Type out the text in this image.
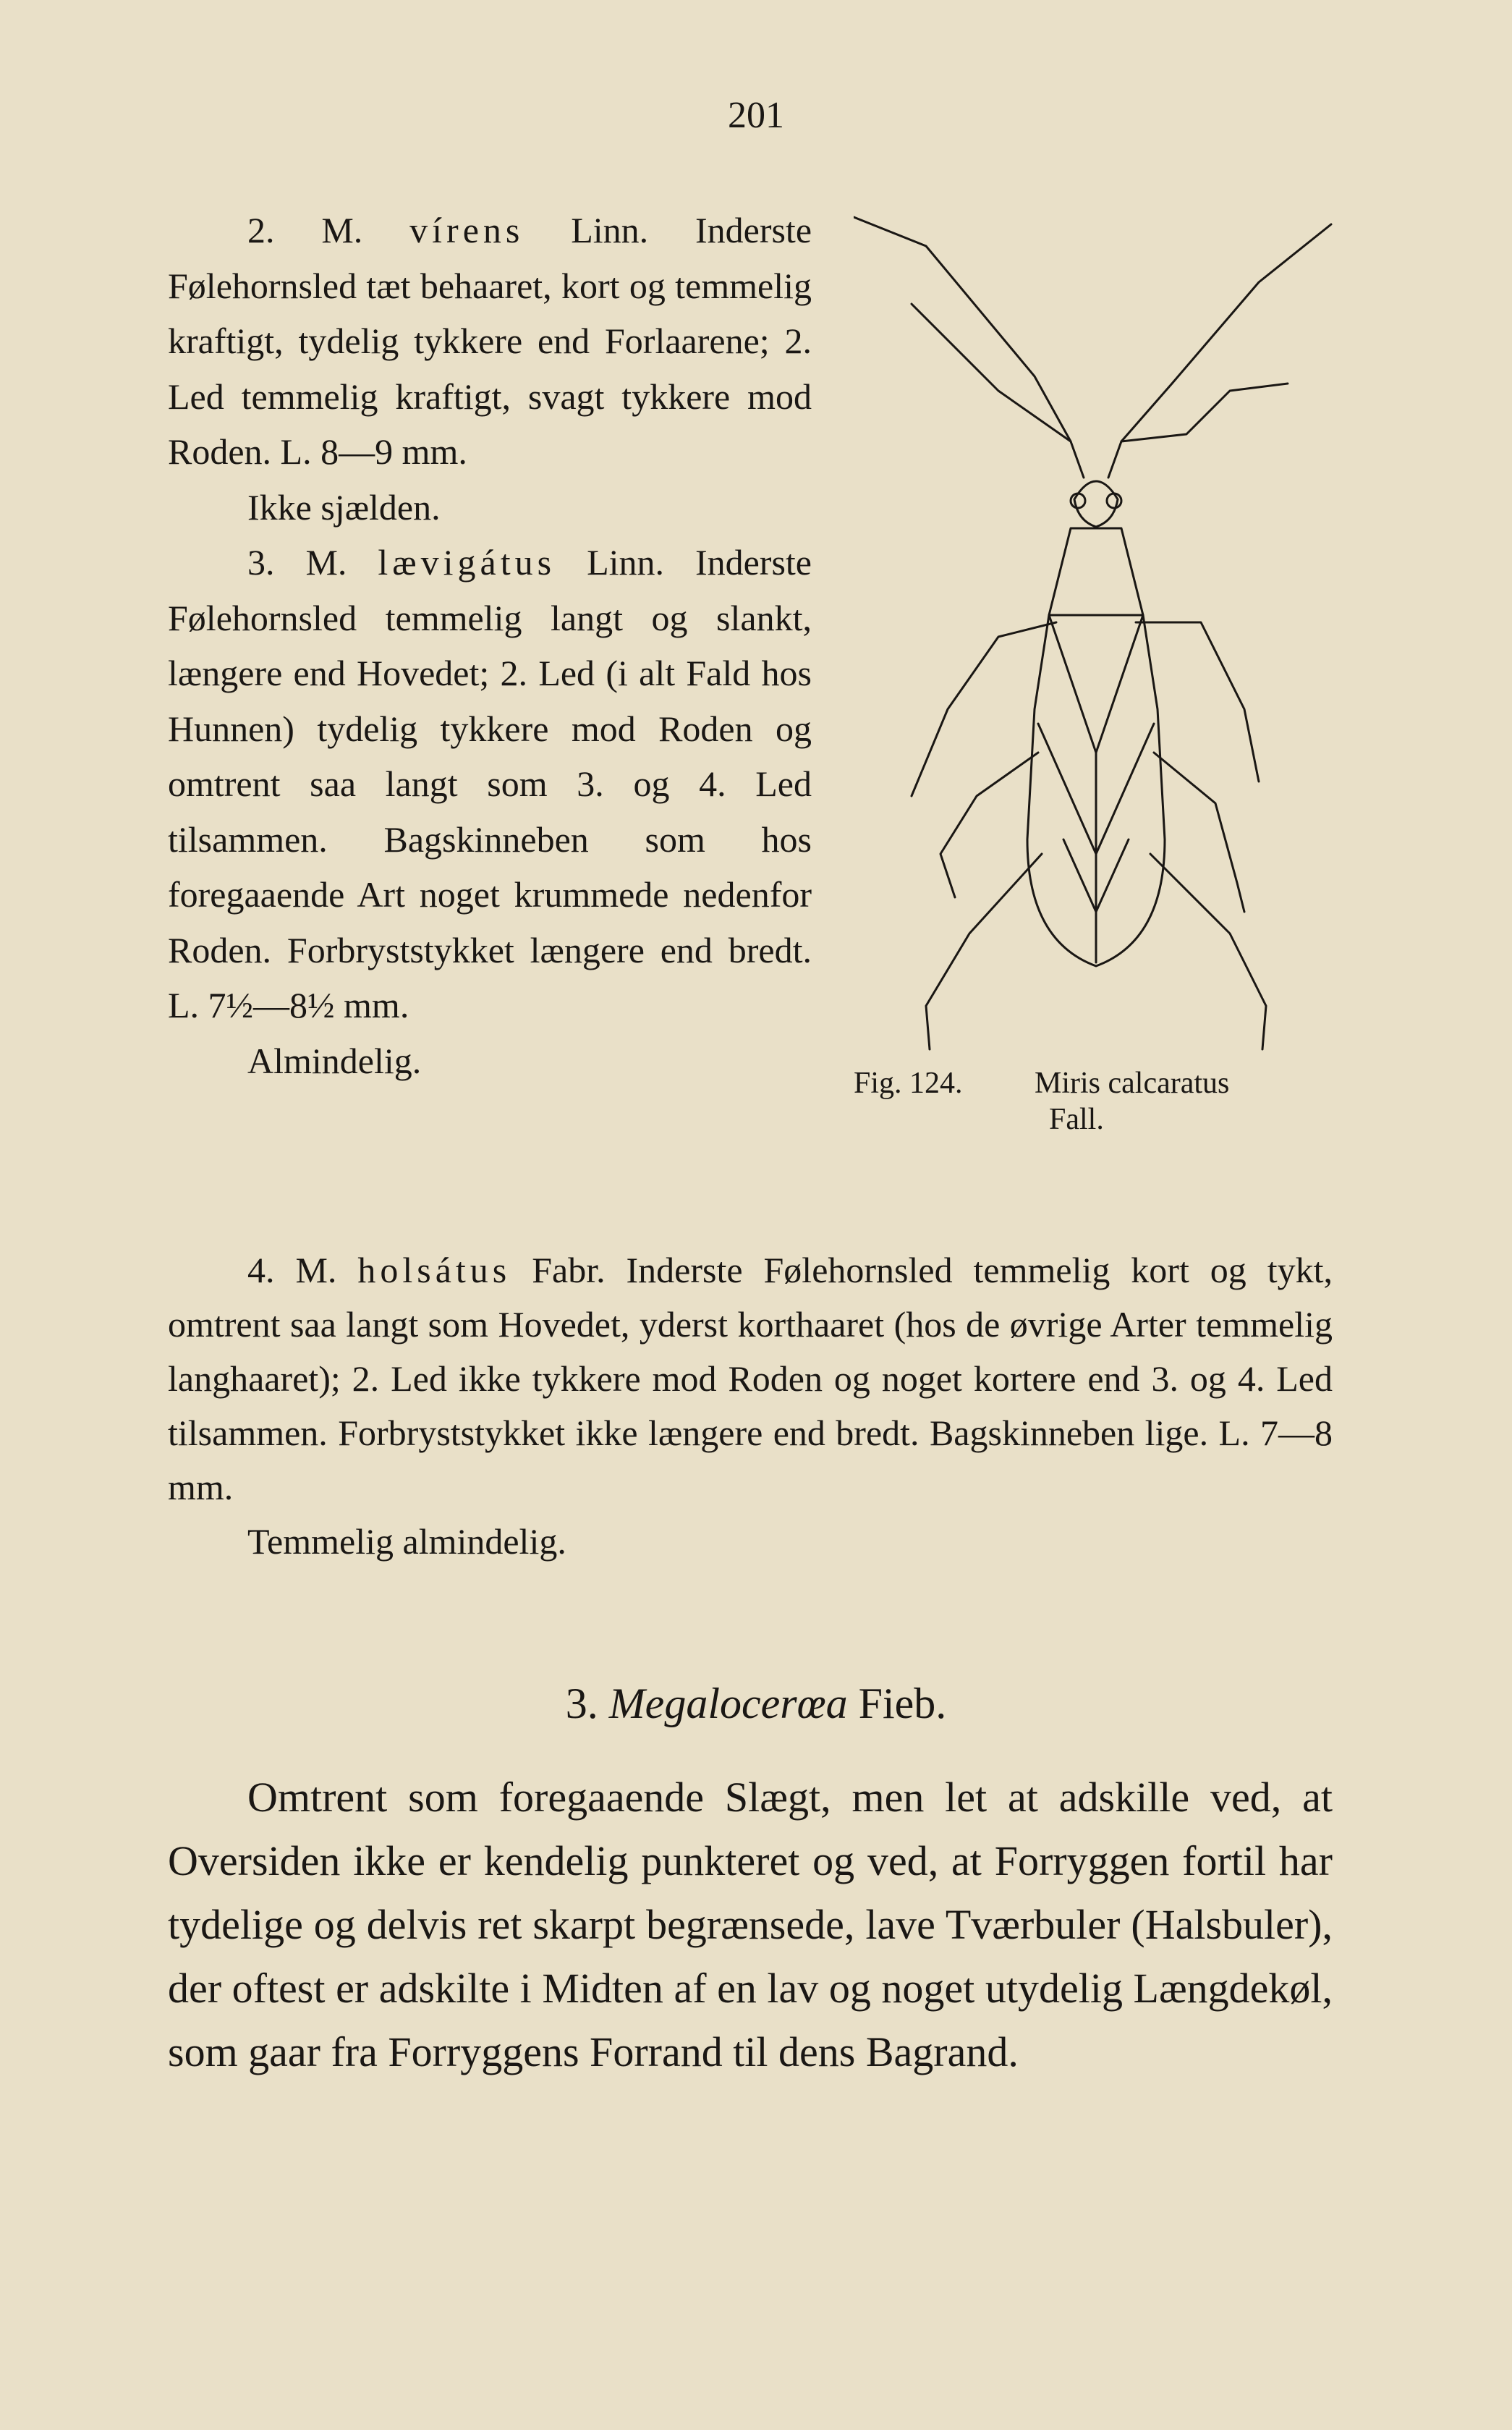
201

2. M. vírens Linn. Inderste Følehornsled tæt behaaret, kort og temmelig kraftigt, tydelig tykkere end Forlaarene; 2. Led temmelig kraftigt, svagt tykkere mod Roden. L. 8—9 mm.

Ikke sjælden.

3. M. lævigátus Linn. Inderste Følehornsled temmelig langt og slankt, længere end Hovedet; 2. Led (i alt Fald hos Hunnen) tydelig tykkere mod Roden og omtrent saa langt som 3. og 4. Led tilsammen. Bagskinneben som hos foregaaende Art noget krummede nedenfor Roden. Forbryststykket længere end bredt. L. 7½—8½ mm.

Almindelig.

Fig. 124. Miris calcaratus
Fall.

4. M. holsátus Fabr. Inderste Følehornsled temmelig kort og tykt, omtrent saa langt som Hovedet, yderst korthaaret (hos de øvrige Arter temmelig langhaaret); 2. Led ikke tykkere mod Roden og noget kortere end 3. og 4. Led tilsammen. Forbryststykket ikke længere end bredt. Bagskinneben lige. L. 7—8 mm.

Temmelig almindelig.

3. Megalocerœa Fieb.

Omtrent som foregaaende Slægt, men let at adskille ved, at Oversiden ikke er kendelig punkteret og ved, at Forryggen fortil har tydelige og delvis ret skarpt begrænsede, lave Tværbuler (Halsbuler), der oftest er adskilte i Midten af en lav og noget utydelig Længdekøl, som gaar fra Forryggens Forrand til dens Bagrand.
